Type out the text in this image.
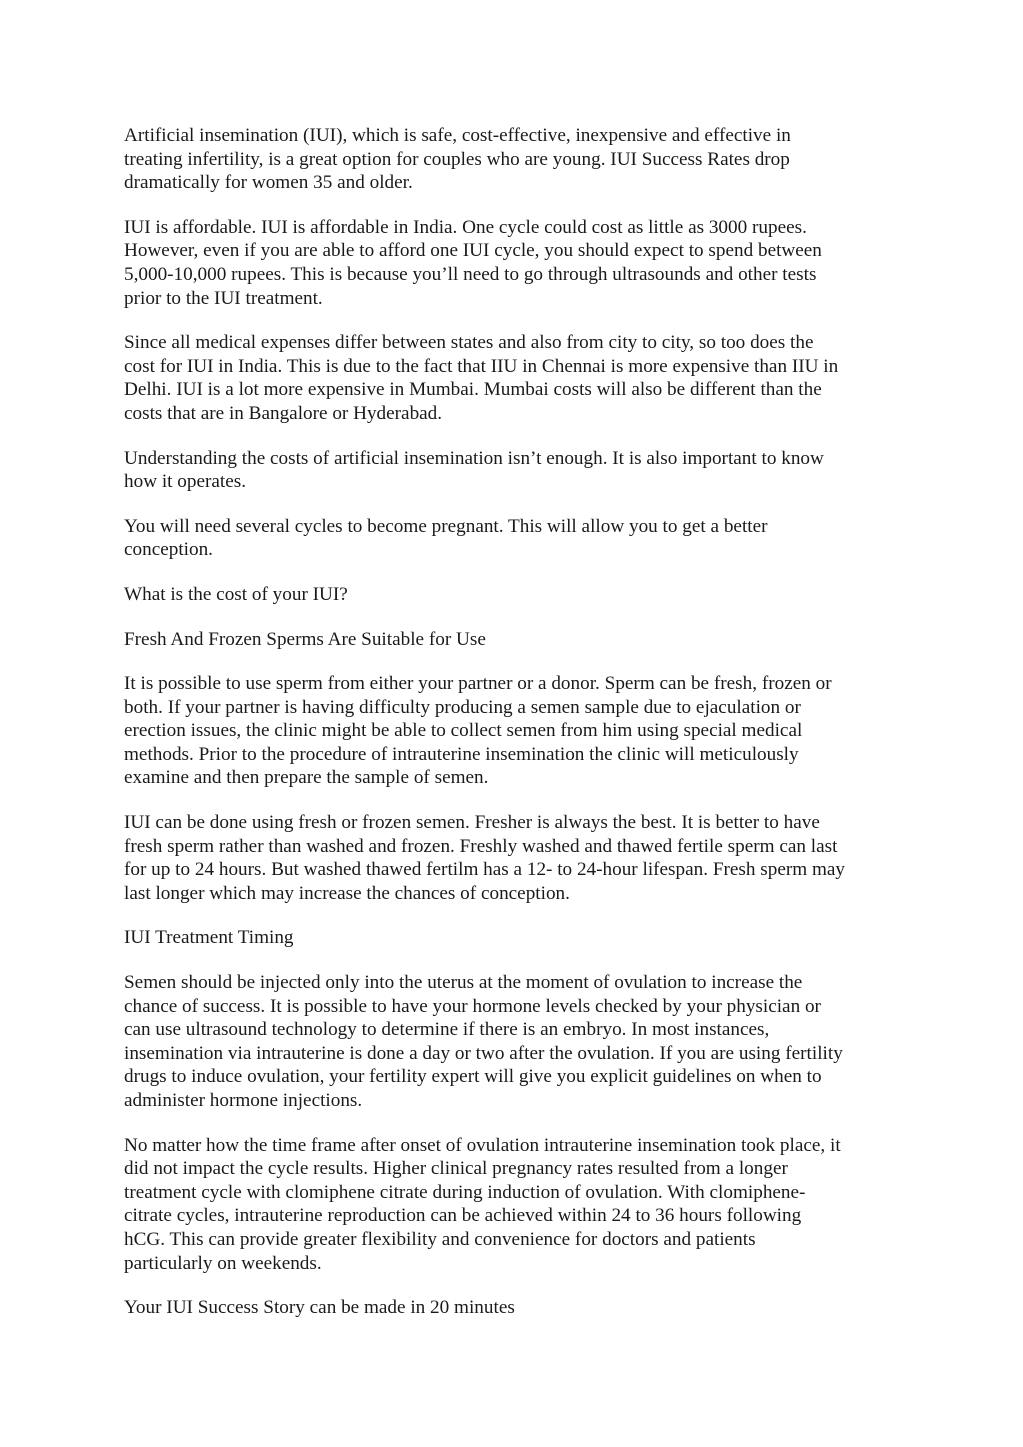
Artificial insemination (IUI), which is safe, cost-effective, inexpensive and effective in
treating infertility, is a great option for couples who are young. IUI Success Rates drop
dramatically for women 35 and older.

IUI is affordable. IUI is affordable in India. One cycle could cost as little as 3000 rupees.
However, even if you are able to afford one IUI cycle, you should expect to spend between
5,000-10,000 rupees. This is because you’ll need to go through ultrasounds and other tests
prior to the IUI treatment.

Since all medical expenses differ between states and also from city to city, so too does the
cost for IUI in India. This is due to the fact that IIU in Chennai is more expensive than IIU in
Delhi. IUI is a lot more expensive in Mumbai. Mumbai costs will also be different than the
costs that are in Bangalore or Hyderabad.

Understanding the costs of artificial insemination isn’t enough. It is also important to know
how it operates.

You will need several cycles to become pregnant. This will allow you to get a better
conception.

What is the cost of your IUI?

Fresh And Frozen Sperms Are Suitable for Use

It is possible to use sperm from either your partner or a donor. Sperm can be fresh, frozen or
both. If your partner is having difficulty producing a semen sample due to ejaculation or
erection issues, the clinic might be able to collect semen from him using special medical
methods. Prior to the procedure of intrauterine insemination the clinic will meticulously
examine and then prepare the sample of semen.

IUI can be done using fresh or frozen semen. Fresher is always the best. It is better to have
fresh sperm rather than washed and frozen. Freshly washed and thawed fertile sperm can last
for up to 24 hours. But washed thawed fertilm has a 12- to 24-hour lifespan. Fresh sperm may
last longer which may increase the chances of conception.

IUI Treatment Timing

Semen should be injected only into the uterus at the moment of ovulation to increase the
chance of success. It is possible to have your hormone levels checked by your physician or
can use ultrasound technology to determine if there is an embryo. In most instances,
insemination via intrauterine is done a day or two after the ovulation. If you are using fertility
drugs to induce ovulation, your fertility expert will give you explicit guidelines on when to
administer hormone injections.

No matter how the time frame after onset of ovulation intrauterine insemination took place, it
did not impact the cycle results. Higher clinical pregnancy rates resulted from a longer
treatment cycle with clomiphene citrate during induction of ovulation. With clomiphene-
citrate cycles, intrauterine reproduction can be achieved within 24 to 36 hours following
hCG. This can provide greater flexibility and convenience for doctors and patients
particularly on weekends.

Your IUI Success Story can be made in 20 minutes
